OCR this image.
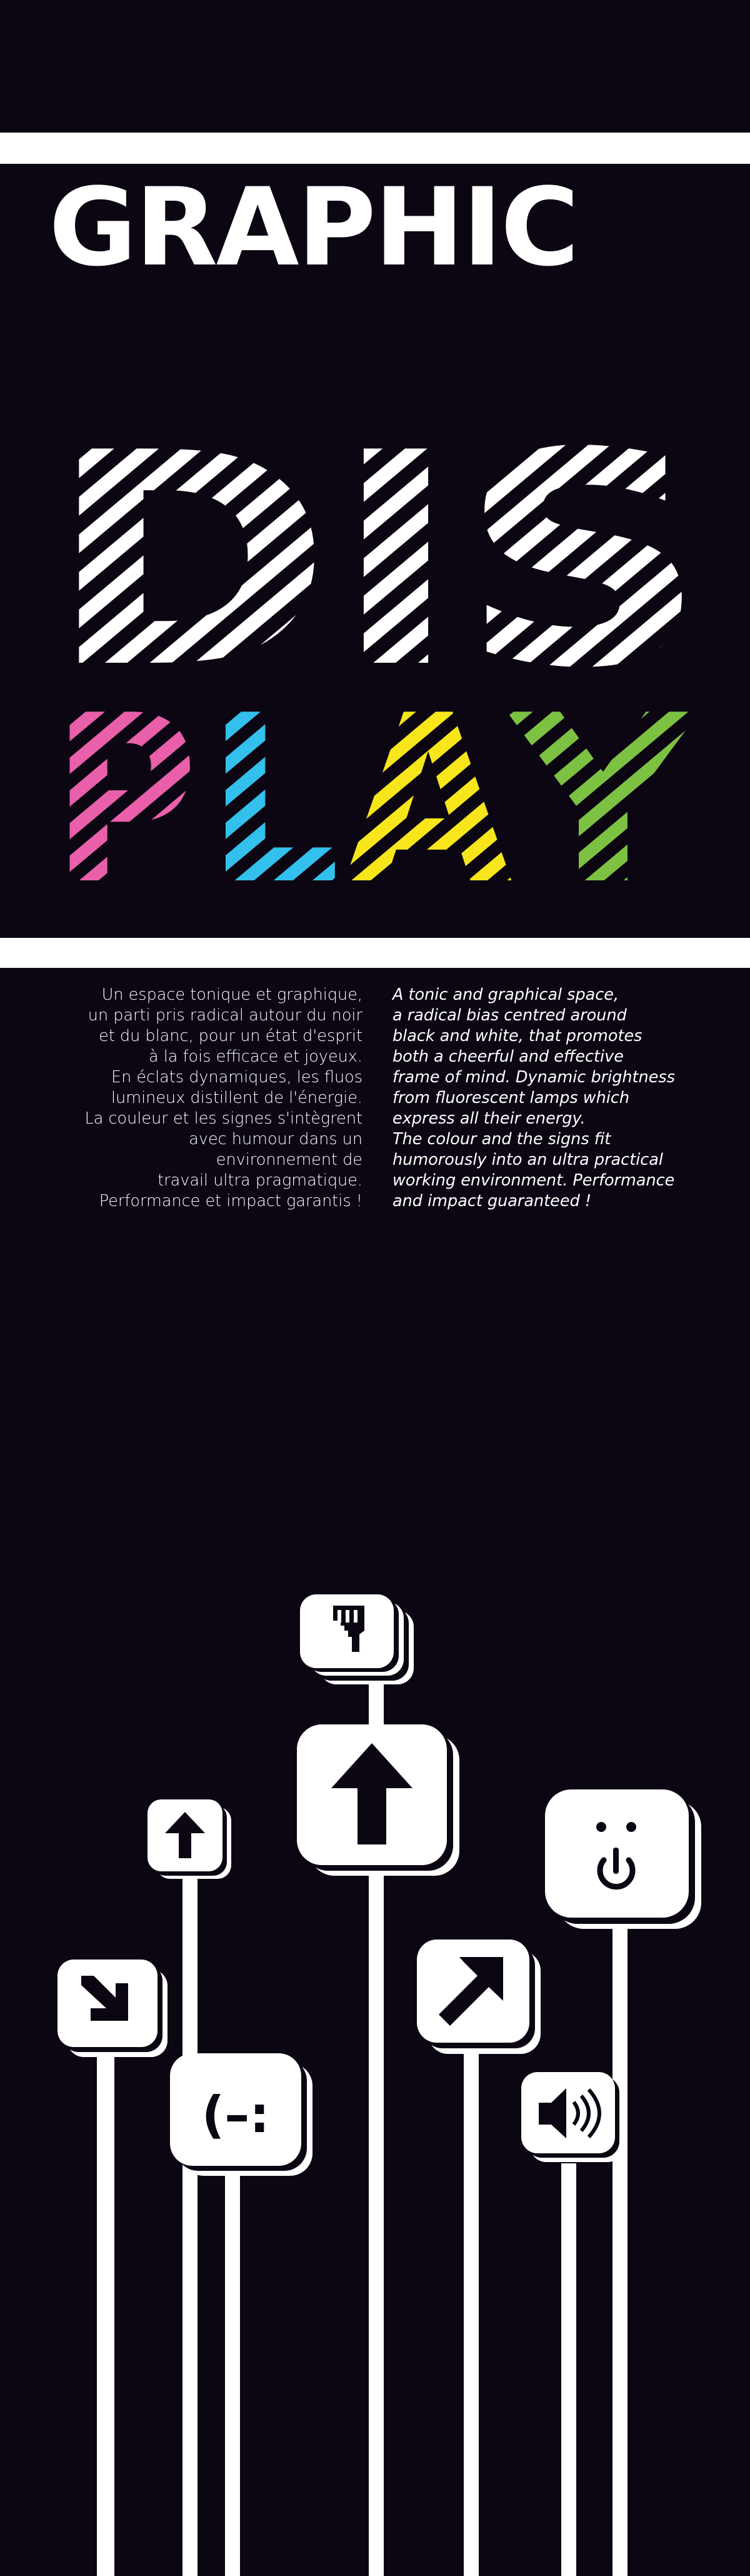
GRAPHIC
DIS
P L A
Y
(–:
Un espace tonique et graphique,
un parti pris radical autour du noir
et du blanc, pour un état d'esprit
à la fois efficace et joyeux.
En éclats dynamiques, les fluos
lumineux distillent de l'énergie.
La couleur et les signes s'intègrent
avec humour dans un
environnement de
travail ultra pragmatique.
Performance et impact garantis !
A tonic and graphical space,
a radical bias centred around
black and white, that promotes
both a cheerful and effective
frame of mind. Dynamic brightness
from fluorescent lamps which
express all their energy.
The colour and the signs fit
humorously into an ultra practical
working environment. Performance
and impact guaranteed !
